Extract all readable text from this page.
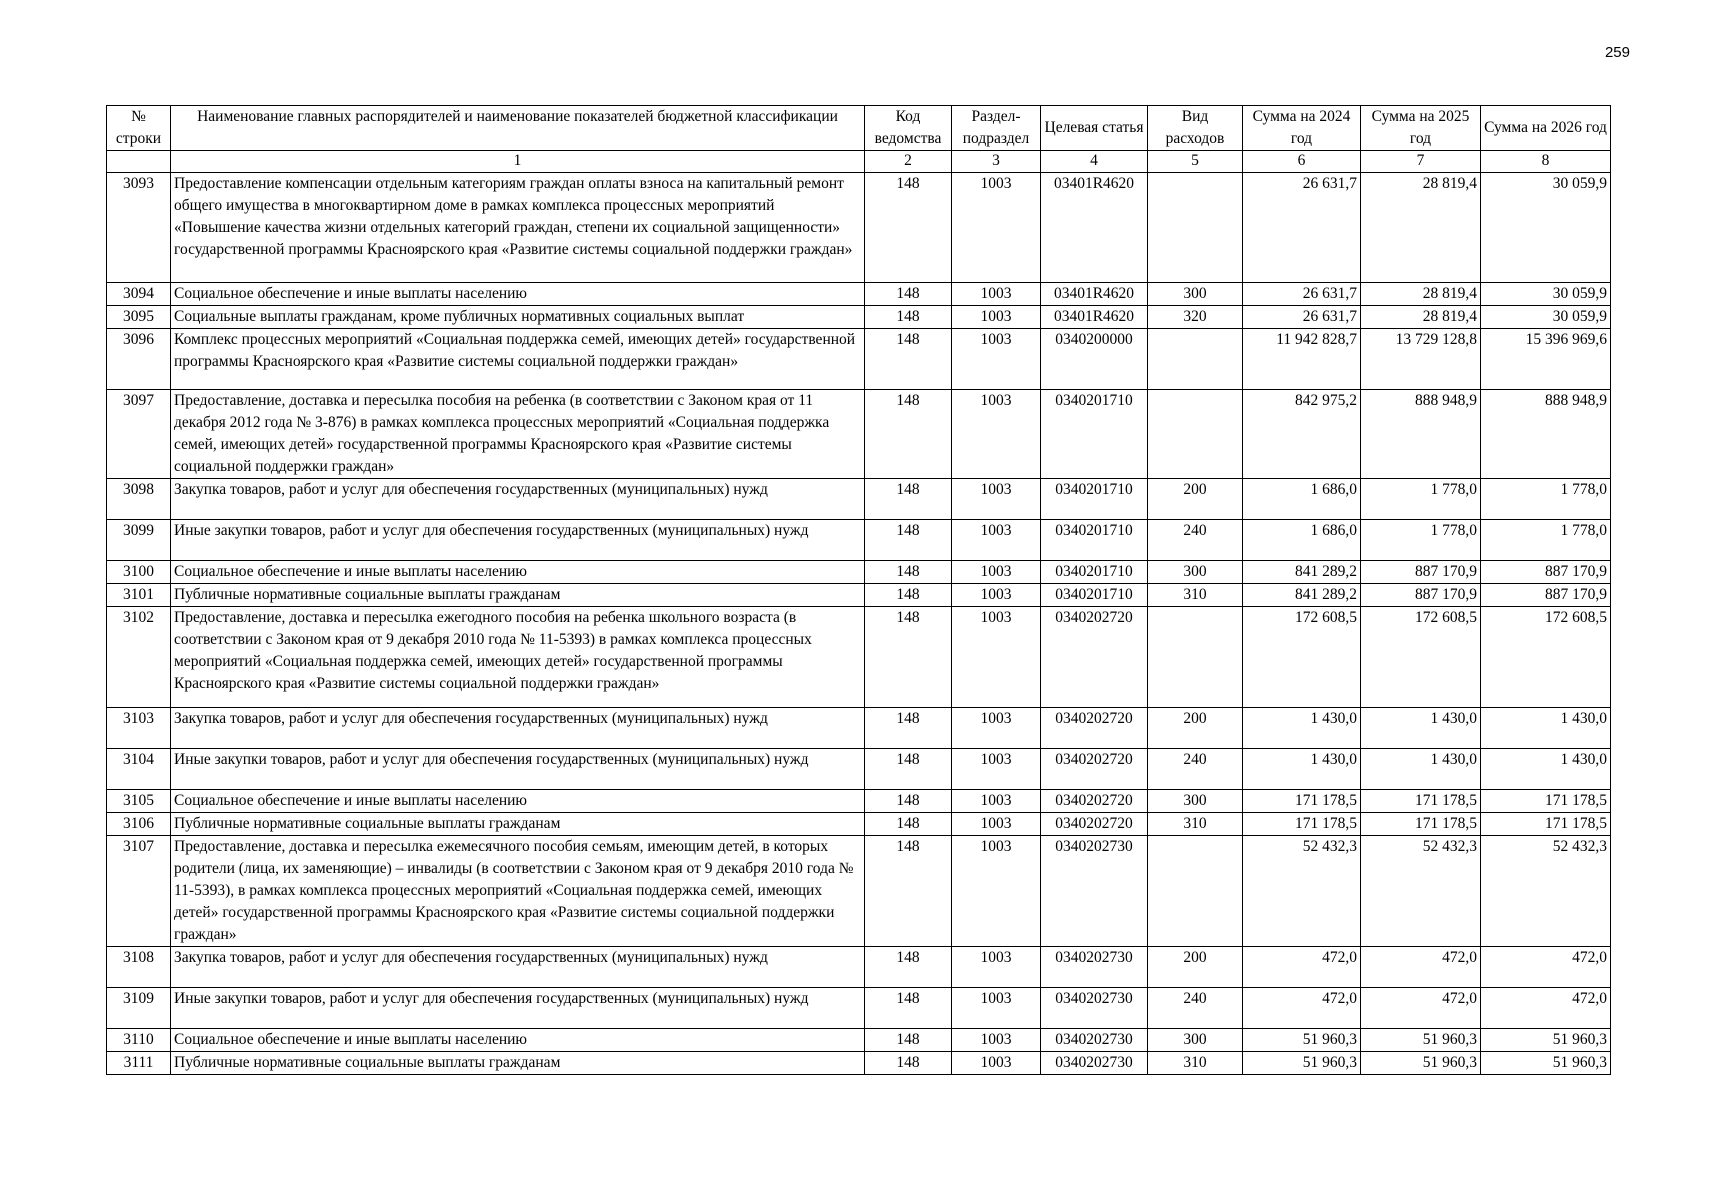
259
№ строки	Наименование главных распорядителей и наименование показателей бюджетной классификации	Код ведомства	Раздел-подраздел	Целевая статья	Вид расходов	Сумма на 2024 год	Сумма на 2025 год	Сумма на 2026 год
	1	2	3	4	5	6	7	8
3093	Предоставление компенсации отдельным категориям граждан оплаты взноса на капитальный ремонт общего имущества в многоквартирном доме в рамках комплекса процессных мероприятий «Повышение качества жизни отдельных категорий граждан, степени их социальной защищенности» государственной программы Красноярского края «Развитие системы социальной поддержки граждан»	148	1003	03401R4620		26 631,7	28 819,4	30 059,9
3094	Социальное обеспечение и иные выплаты населению	148	1003	03401R4620	300	26 631,7	28 819,4	30 059,9
3095	Социальные выплаты гражданам, кроме публичных нормативных социальных выплат	148	1003	03401R4620	320	26 631,7	28 819,4	30 059,9
3096	Комплекс процессных мероприятий «Социальная поддержка семей, имеющих детей» государственной программы Красноярского края «Развитие системы социальной поддержки граждан»	148	1003	0340200000		11 942 828,7	13 729 128,8	15 396 969,6
3097	Предоставление, доставка и пересылка пособия на ребенка (в соответствии с Законом края от 11 декабря 2012 года № 3-876) в рамках комплекса процессных мероприятий «Социальная поддержка семей, имеющих детей» государственной программы Красноярского края «Развитие системы социальной поддержки граждан»	148	1003	0340201710		842 975,2	888 948,9	888 948,9
3098	Закупка товаров, работ и услуг для обеспечения государственных (муниципальных) нужд	148	1003	0340201710	200	1 686,0	1 778,0	1 778,0
3099	Иные закупки товаров, работ и услуг для обеспечения государственных (муниципальных) нужд	148	1003	0340201710	240	1 686,0	1 778,0	1 778,0
3100	Социальное обеспечение и иные выплаты населению	148	1003	0340201710	300	841 289,2	887 170,9	887 170,9
3101	Публичные нормативные социальные выплаты гражданам	148	1003	0340201710	310	841 289,2	887 170,9	887 170,9
3102	Предоставление, доставка и пересылка ежегодного пособия на ребенка школьного возраста (в соответствии с Законом края от 9 декабря 2010 года № 11-5393) в рамках комплекса процессных мероприятий «Социальная поддержка семей, имеющих детей» государственной программы Красноярского края «Развитие системы социальной поддержки граждан»	148	1003	0340202720		172 608,5	172 608,5	172 608,5
3103	Закупка товаров, работ и услуг для обеспечения государственных (муниципальных) нужд	148	1003	0340202720	200	1 430,0	1 430,0	1 430,0
3104	Иные закупки товаров, работ и услуг для обеспечения государственных (муниципальных) нужд	148	1003	0340202720	240	1 430,0	1 430,0	1 430,0
3105	Социальное обеспечение и иные выплаты населению	148	1003	0340202720	300	171 178,5	171 178,5	171 178,5
3106	Публичные нормативные социальные выплаты гражданам	148	1003	0340202720	310	171 178,5	171 178,5	171 178,5
3107	Предоставление, доставка и пересылка ежемесячного пособия семьям, имеющим детей, в которых родители (лица, их заменяющие) – инвалиды (в соответствии с Законом края от 9 декабря 2010 года № 11-5393), в рамках комплекса процессных мероприятий «Социальная поддержка семей, имеющих детей» государственной программы Красноярского края «Развитие системы социальной поддержки граждан»	148	1003	0340202730		52 432,3	52 432,3	52 432,3
3108	Закупка товаров, работ и услуг для обеспечения государственных (муниципальных) нужд	148	1003	0340202730	200	472,0	472,0	472,0
3109	Иные закупки товаров, работ и услуг для обеспечения государственных (муниципальных) нужд	148	1003	0340202730	240	472,0	472,0	472,0
3110	Социальное обеспечение и иные выплаты населению	148	1003	0340202730	300	51 960,3	51 960,3	51 960,3
3111	Публичные нормативные социальные выплаты гражданам	148	1003	0340202730	310	51 960,3	51 960,3	51 960,3
